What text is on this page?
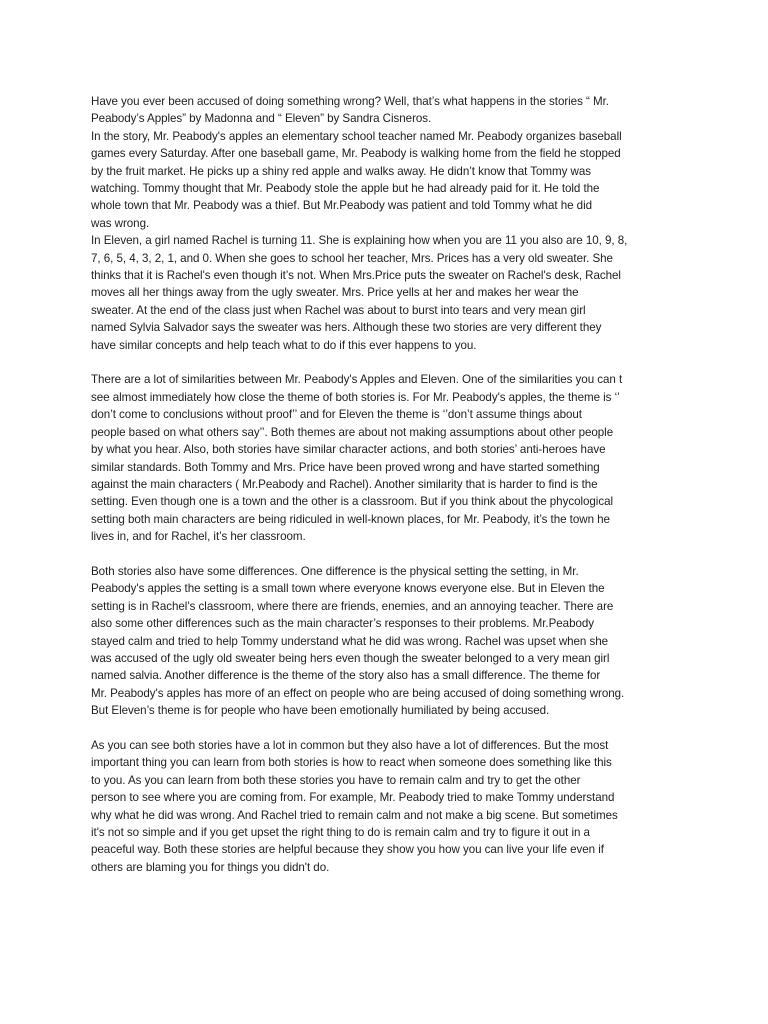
Have you ever been accused of doing something wrong? Well, that’s what happens in the stories “ Mr.
Peabody’s Apples” by Madonna and “ Eleven” by Sandra Cisneros.
In the story, Mr. Peabody's apples an elementary school teacher named Mr. Peabody organizes baseball
games every Saturday. After one baseball game, Mr. Peabody is walking home from the field he stopped
by the fruit market. He picks up a shiny red apple and walks away. He didn’t know that Tommy was
watching. Tommy thought that Mr. Peabody stole the apple but he had already paid for it. He told the
whole town that Mr. Peabody was a thief. But Mr.Peabody was patient and told Tommy what he did
was wrong.
In Eleven, a girl named Rachel is turning 11. She is explaining how when you are 11 you also are 10, 9, 8,
7, 6, 5, 4, 3, 2, 1, and 0. When she goes to school her teacher, Mrs. Prices has a very old sweater. She
thinks that it is Rachel's even though it’s not. When Mrs.Price puts the sweater on Rachel's desk, Rachel
moves all her things away from the ugly sweater. Mrs. Price yells at her and makes her wear the
sweater. At the end of the class just when Rachel was about to burst into tears and very mean girl
named Sylvia Salvador says the sweater was hers. Although these two stories are very different they
have similar concepts and help teach what to do if this ever happens to you.
There are a lot of similarities between Mr. Peabody's Apples and Eleven. One of the similarities you can t
see almost immediately how close the theme of both stories is. For Mr. Peabody's apples, the theme is ‘’
don’t come to conclusions without proof’’ and for Eleven the theme is ‘’don’t assume things about
people based on what others say’’. Both themes are about not making assumptions about other people
by what you hear. Also, both stories have similar character actions, and both stories’ anti-heroes have
similar standards. Both Tommy and Mrs. Price have been proved wrong and have started something
against the main characters ( Mr.Peabody and Rachel). Another similarity that is harder to find is the
setting. Even though one is a town and the other is a classroom. But if you think about the phycological
setting both main characters are being ridiculed in well-known places, for Mr. Peabody, it’s the town he
lives in, and for Rachel, it’s her classroom.
Both stories also have some differences. One difference is the physical setting the setting, in Mr.
Peabody's apples the setting is a small town where everyone knows everyone else. But in Eleven the
setting is in Rachel’s classroom, where there are friends, enemies, and an annoying teacher. There are
also some other differences such as the main character’s responses to their problems. Mr.Peabody
stayed calm and tried to help Tommy understand what he did was wrong. Rachel was upset when she
was accused of the ugly old sweater being hers even though the sweater belonged to a very mean girl
named salvia. Another difference is the theme of the story also has a small difference. The theme for
Mr. Peabody's apples has more of an effect on people who are being accused of doing something wrong.
But Eleven’s theme is for people who have been emotionally humiliated by being accused.
As you can see both stories have a lot in common but they also have a lot of differences. But the most
important thing you can learn from both stories is how to react when someone does something like this
to you. As you can learn from both these stories you have to remain calm and try to get the other
person to see where you are coming from. For example, Mr. Peabody tried to make Tommy understand
why what he did was wrong. And Rachel tried to remain calm and not make a big scene. But sometimes
it's not so simple and if you get upset the right thing to do is remain calm and try to figure it out in a
peaceful way. Both these stories are helpful because they show you how you can live your life even if
others are blaming you for things you didn't do.
